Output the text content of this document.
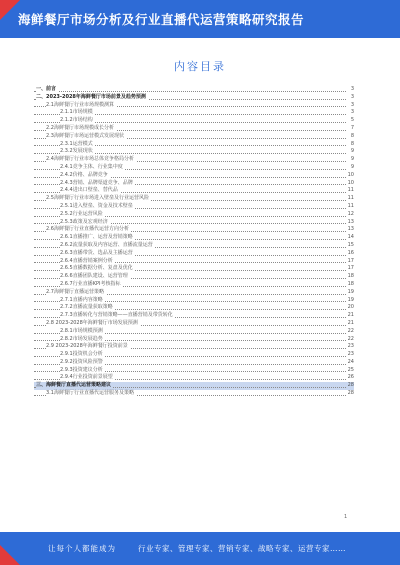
海鲜餐厅市场分析及行业直播代运营策略研究报告
内容目录
一、前言	3
二、2023-2028年海鲜餐厅市场前景及趋势预测	3
2.1海鲜餐厅行业市场规模测算	3
2.1.1市场规模	3
2.1.2市场结构	5
2.2海鲜餐厅市场规模成长分析	7
2.3海鲜餐厅市场运营模式发展现状	8
2.3.1运营模式	8
2.3.2发展现状	9
2.4海鲜餐厅行业市场总体竞争格局分析	9
2.4.1竞争主体、行业集中度	9
2.4.2价格、品牌竞争	10
2.4.3营销、品牌渠道竞争、品牌	10
2.4.4进出口壁垒、替代品	11
2.5海鲜餐厅行业市场进入壁垒及行业运营风险	11
2.5.1进入壁垒、资金及技术壁垒	11
2.5.2行业运营风险	12
2.5.3政策及宏观经济	13
2.6海鲜餐厅行业直播代运营方向分析	13
2.6.1直播推广、运营及营销策略	14
2.6.2流量获取及内容运营、直播流量运营	15
2.6.3直播带货、选品及主播运营	16
2.6.4直播营销案例分析	17
2.6.5直播数据分析、复盘及优化	17
2.6.6直播团队建设、运营管理	18
2.6.7行业直播KPI考核指标	18
2.7海鲜餐厅直播运营策略	19
2.7.1直播内容策略	19
2.7.2直播流量获取策略	20
2.7.3直播转化与营销策略——直播营销及带货转化	21
2.8 2023-2028年海鲜餐厅市场发展预测	21
2.8.1市场规模预测	22
2.8.2市场发展趋势	22
2.9 2023-2028年海鲜餐厅投资前景	23
2.9.1投资机会分析	23
2.9.2投资风险预警	24
2.9.3投资建议分析	25
2.9.4行业投资前景展望	26
三、海鲜餐厅直播代运营策略建议	28
3.1海鲜餐厅行业直播代运营服务及策略	28
1
让每个人都能成为	行业专家、管理专家、营销专家、战略专家、运营专家……
